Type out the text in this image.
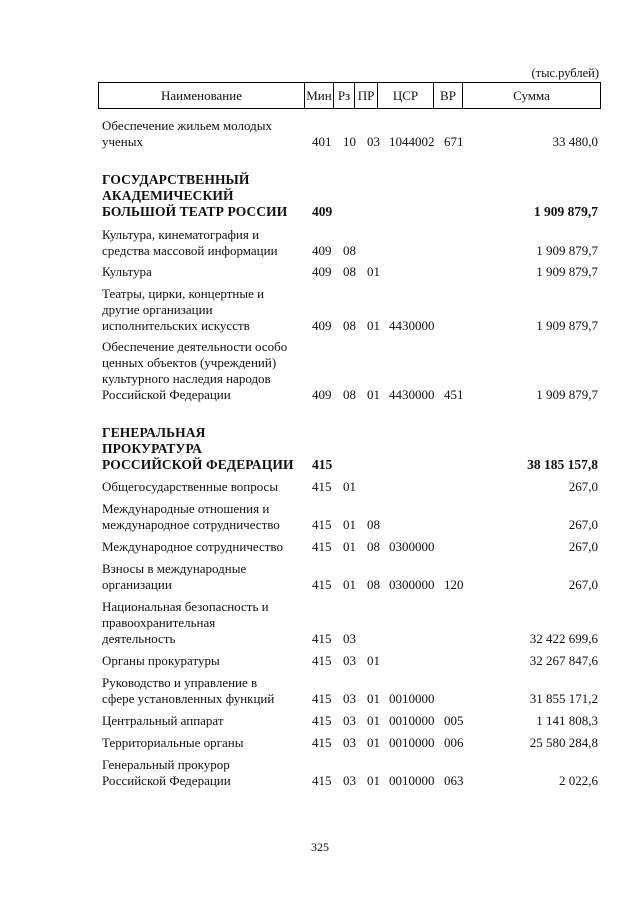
(тыс.рублей)
Наименование	Мин Рз ПР	ЦСР	ВР	Сумма
Обеспечение жильем молодых
ученых	401 10 03 1044002 671	33 480,0
ГОСУДАРСТВЕННЫЙ
АКАДЕМИЧЕСКИЙ
БОЛЬШОЙ ТЕАТР РОССИИ	409	1 909 879,7
Культура, кинематография и
средства массовой информации	409 08	1 909 879,7
Культура	409 08 01	1 909 879,7
Театры, цирки, концертные и
другие организации
исполнительских искусств	409 08 01 4430000	1 909 879,7
Обеспечение деятельности особо
ценных объектов (учреждений)
культурного наследия народов
Российской Федерации	409 08 01 4430000 451	1 909 879,7
ГЕНЕРАЛЬНАЯ
ПРОКУРАТУРА
РОССИЙСКОЙ ФЕДЕРАЦИИ	415	38 185 157,8
Общегосударственные вопросы	415 01	267,0
Международные отношения и
международное сотрудничество	415 01 08	267,0
Международное сотрудничество	415 01 08 0300000	267,0
Взносы в международные
организации	415 01 08 0300000 120	267,0
Национальная безопасность и
правоохранительная
деятельность	415 03	32 422 699,6
Органы прокуратуры	415 03 01	32 267 847,6
Руководство и управление в
сфере установленных функций	415 03 01 0010000	31 855 171,2
Центральный аппарат	415 03 01 0010000 005	1 141 808,3
Территориальные органы	415 03 01 0010000 006	25 580 284,8
Генеральный прокурор
Российской Федерации	415 03 01 0010000 063	2 022,6
325
